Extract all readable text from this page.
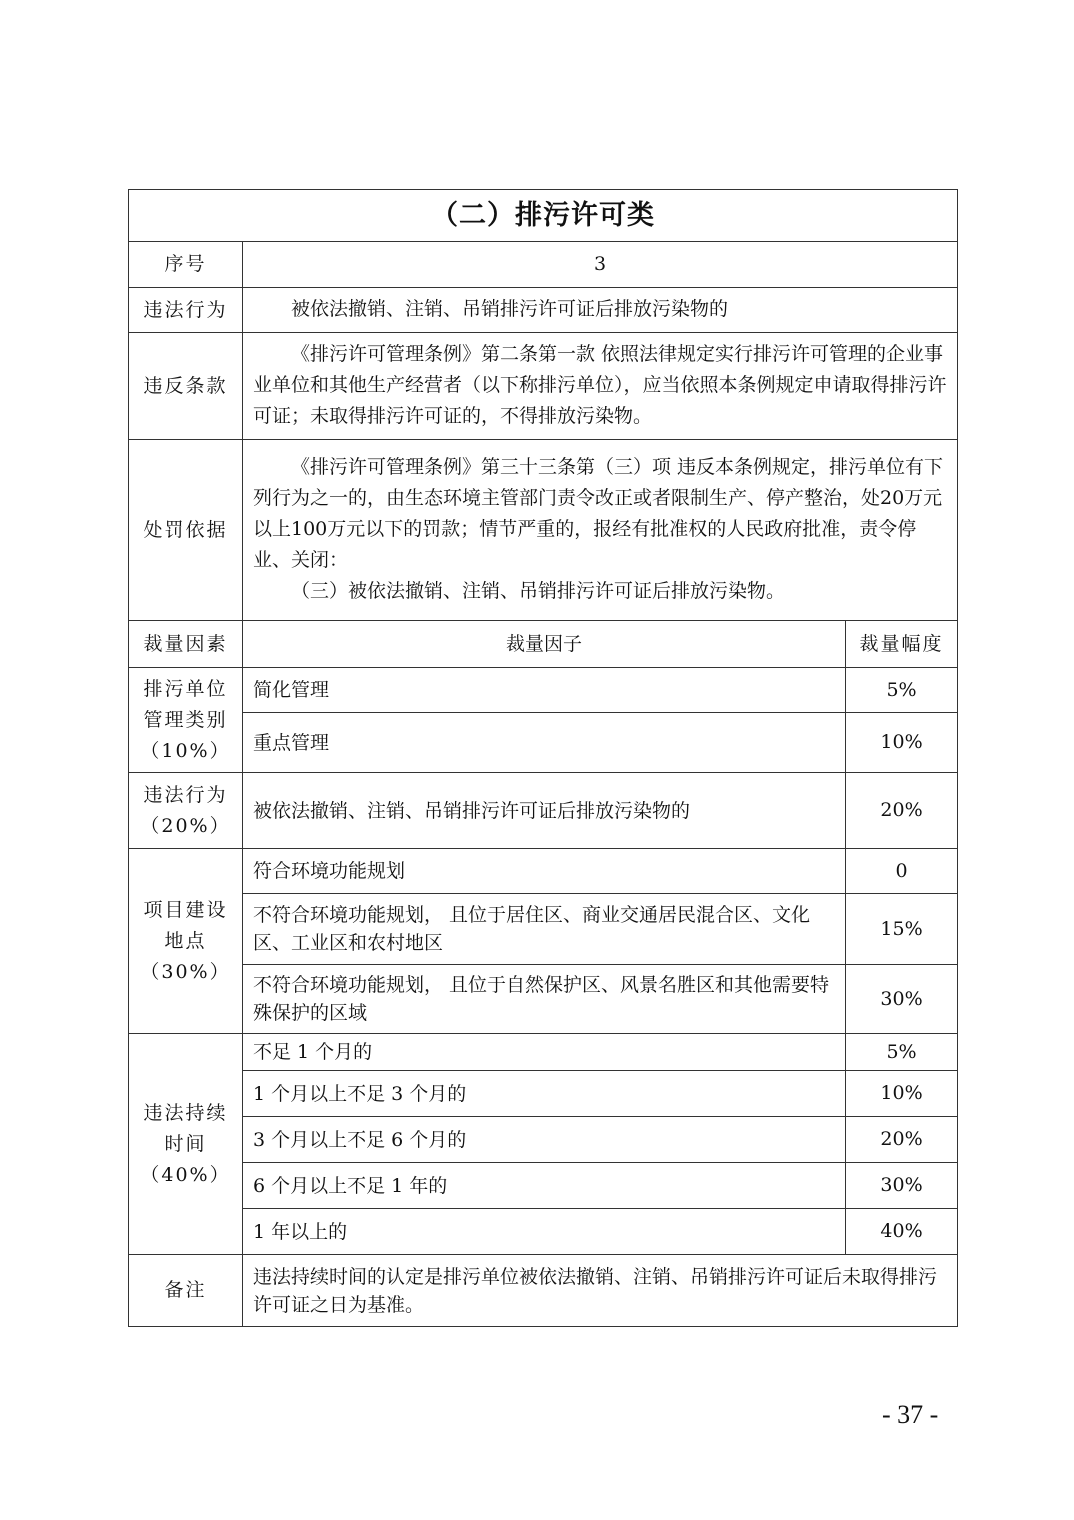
（二）排污许可类		
序号	3	
违法行为	被依法撤销、注销、吊销排污许可证后排放污染物的	
违反条款	《排污许可管理条例》第二条第一款 依照法律规定实行排污许可管理的企业事业单位和其他生产经营者（以下称排污单位），应当依照本条例规定申请取得排污许可证；未取得排污许可证的，不得排放污染物。	
处罚依据	《排污许可管理条例》第三十三条第（三）项 违反本条例规定，排污单位有下列行为之一的，由生态环境主管部门责令改正或者限制生产、停产整治，处20万元以上100万元以下的罚款；情节严重的，报经有批准权的人民政府批准，责令停业、关闭：
（三）被依法撤销、注销、吊销排污许可证后排放污染物。	

裁量因素	裁量因子	裁量幅度

排污单位
管理类别
（10%）	简化管理	5%
	重点管理	10%

违法行为
（20%）	被依法撤销、注销、吊销排污许可证后排放污染物的	20%

项目建设
地点
（30%）	符合环境功能规划	0
	不符合环境功能规划， 且位于居住区、商业交通居民混合区、文化区、工业区和农村地区	15%
	不符合环境功能规划， 且位于自然保护区、风景名胜区和其他需要特殊保护的区域	30%

违法持续
时间
（40%）	不足 1 个月的	5%
	1 个月以上不足 3 个月的	10%
	3 个月以上不足 6 个月的	20%
	6 个月以上不足 1 年的	30%
	1 年以上的	40%
备注	违法持续时间的认定是排污单位被依法撤销、注销、吊销排污许可证后未取得排污许可证之日为基准。	
- 37 -
